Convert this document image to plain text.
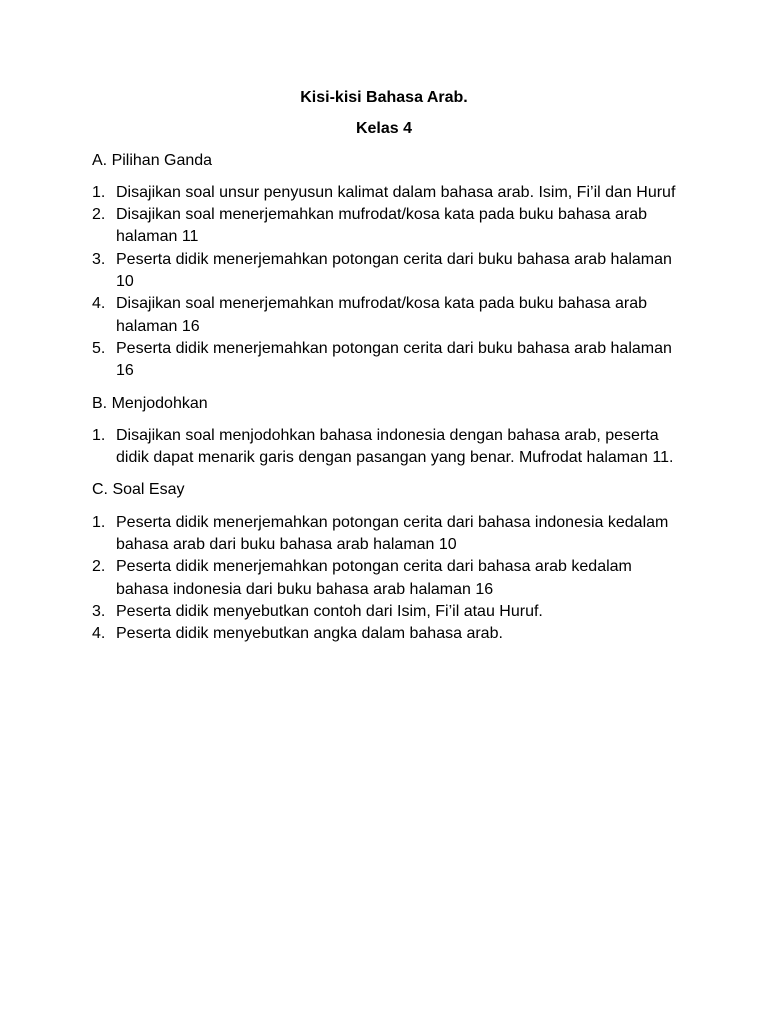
Kisi-kisi Bahasa Arab.
Kelas 4
A. Pilihan Ganda
1. Disajikan soal unsur penyusun kalimat dalam bahasa arab. Isim, Fi’il dan Huruf
2. Disajikan soal menerjemahkan mufrodat/kosa kata pada buku bahasa arab halaman 11
3. Peserta didik menerjemahkan potongan cerita dari buku bahasa arab halaman 10
4. Disajikan soal menerjemahkan mufrodat/kosa kata pada buku bahasa arab halaman 16
5. Peserta didik menerjemahkan potongan cerita dari buku bahasa arab halaman 16
B. Menjodohkan
1. Disajikan soal menjodohkan bahasa indonesia dengan bahasa arab, peserta didik dapat menarik garis dengan pasangan yang benar. Mufrodat halaman 11.
C. Soal Esay
1. Peserta didik menerjemahkan potongan cerita dari bahasa indonesia kedalam bahasa arab dari buku bahasa arab halaman 10
2. Peserta didik menerjemahkan potongan cerita dari bahasa arab kedalam bahasa indonesia dari buku bahasa arab halaman 16
3. Peserta didik menyebutkan contoh dari Isim, Fi’il atau Huruf.
4. Peserta didik menyebutkan angka dalam bahasa arab.
